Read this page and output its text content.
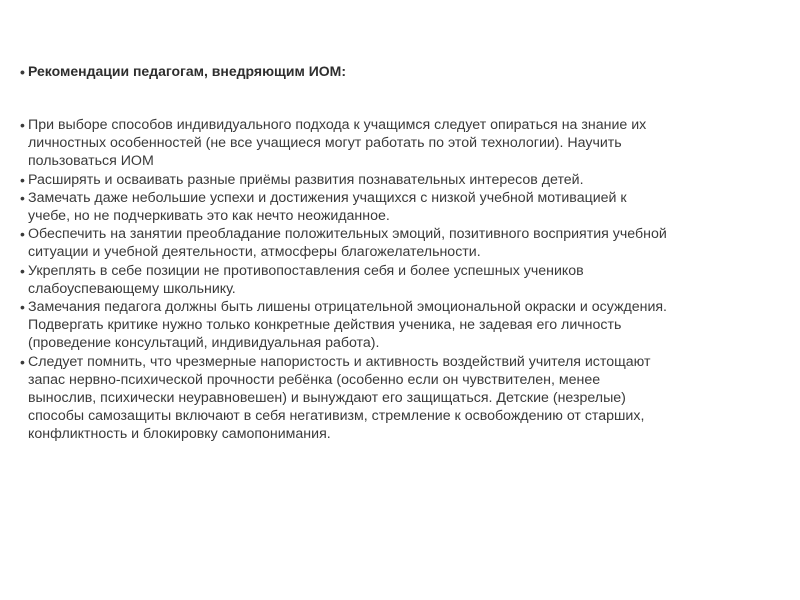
• Рекомендации педагогам, внедряющим ИОМ:
• При выборе способов индивидуального подхода к учащимся следует опираться на знание их
личностных особенностей (не все учащиеся могут работать по этой технологии). Научить
пользоваться ИОМ
• Расширять и осваивать разные приёмы развития познавательных интересов детей.
• Замечать даже небольшие успехи и достижения учащихся с низкой учебной мотивацией к
учебе, но не подчеркивать это как нечто неожиданное.
• Обеспечить на занятии преобладание положительных эмоций, позитивного восприятия учебной
ситуации и учебной деятельности, атмосферы благожелательности.
• Укреплять в себе позиции не противопоставления себя и более успешных учеников
слабоуспевающему школьнику.
• Замечания педагога должны быть лишены отрицательной эмоциональной окраски и осуждения.
Подвергать критике нужно только конкретные действия ученика, не задевая его личность
(проведение консультаций, индивидуальная работа).
• Следует помнить, что чрезмерные напористость и активность воздействий учителя истощают
запас нервно-психической прочности ребёнка (особенно если он чувствителен, менее
выносли‌в, психически неуравновешен) и вынуждают его защищаться. Детские (незрелые)
способы самозащиты включают в себя негативизм, стремление к освобождению от старших,
конфликтность и блокировку самопонимания.
